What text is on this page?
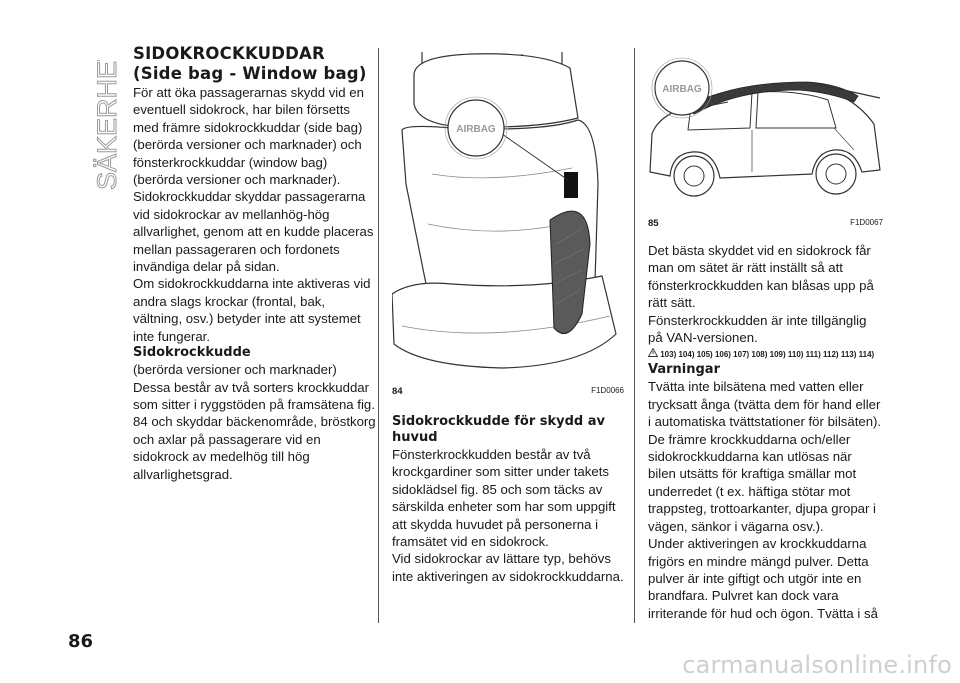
SÄKERHET SIDOKROCKKUDDAR
(Side bag - Window bag)

För att öka passagerarnas skydd vid en eventuell sidokrock, har bilen försetts med främre sidokrockkuddar (side bag) (berörda versioner och marknader) och fönsterkrockkuddar (window bag) (berörda versioner och marknader).

Sidokrockkuddar skyddar passagerarna vid sidokrockar av mellanhög-hög allvarlighet, genom att en kudde placeras mellan passageraren och fordonets invändiga delar på sidan.

Om sidokrockkuddarna inte aktiveras vid andra slags krockar (frontal, bak, vältning, osv.) betyder inte att systemet inte fungerar.

Sidokrockkudde

(berörda versioner och marknader)

Dessa består av två sorters krockkuddar som sitter i ryggstöden på framsätena fig. 84 och skyddar bäckenområde, bröstkorg och axlar på passagerare vid en sidokrock av medelhög till hög allvarlighetsgrad.

AIRBAG
84	F1D0066
Sidokrockkudde för skydd av huvud

Fönsterkrockkudden består av två krockgardiner som sitter under takets sidoklädsel fig. 85 och som täcks av särskilda enheter som har som uppgift att skydda huvudet på personerna i framsätet vid en sidokrock.

Vid sidokrockar av lättare typ, behövs inte aktiveringen av sidokrockkuddarna.

AIRBAG
85	F1D0067

Det bästa skyddet vid en sidokrock får man om sätet är rätt inställt så att fönsterkrockkudden kan blåsas upp på rätt sätt.

Fönsterkrockkudden är inte tillgänglig på VAN-versionen.

103) 104) 105) 106) 107) 108) 109) 110) 111) 112) 113) 114)

Varningar

Tvätta inte bilsätena med vatten eller trycksatt ånga (tvätta dem för hand eller i automatiska tvättstationer för bilsäten).

De främre krockkuddarna och/eller sidokrockkuddarna kan utlösas när bilen utsätts för kraftiga smällar mot underredet (t ex. häftiga stötar mot trappsteg, trottoarkanter, djupa gropar i vägen, sänkor i vägarna osv.).

Under aktiveringen av krockkuddarna frigörs en mindre mängd pulver. Detta pulver är inte giftigt och utgör inte en brandfara. Pulvret kan dock vara irriterande för hud och ögon. Tvätta i så

86
carmanualsonline.info
